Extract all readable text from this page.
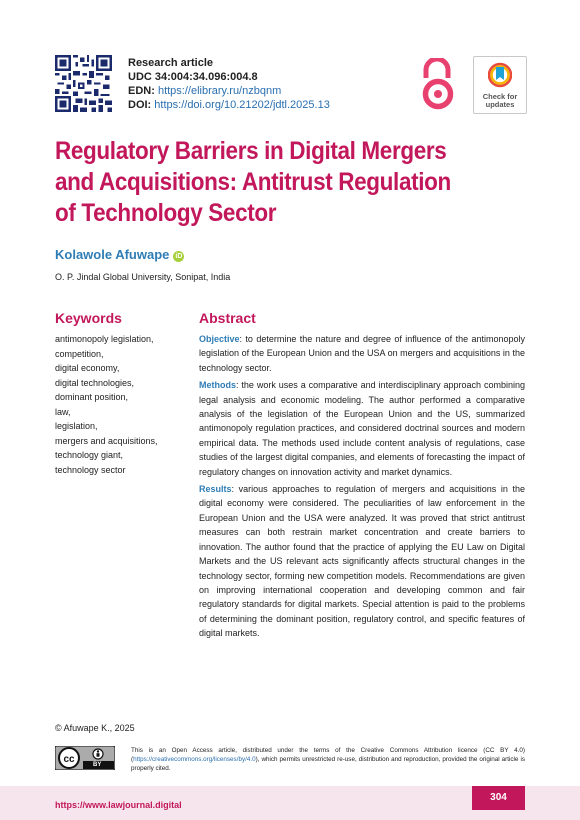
Research article
UDC 34:004:34.096:004.8
EDN: https://elibrary.ru/nzbqnm
DOI: https://doi.org/10.21202/jdtl.2025.13
Check for
updates
Regulatory Barriers in Digital Mergers
and Acquisitions: Antitrust Regulation
of Technology Sector
Kolawole Afuwape iD
O. P. Jindal Global University, Sonipat, India
Keywords
antimonopoly legislation,
competition,
digital economy,
digital technologies,
dominant position,
law,
legislation,
mergers and acquisitions,
technology giant,
technology sector
Abstract

Objective: to determine the nature and degree of influence of the antimonopoly legislation of the European Union and the USA on mergers and acquisitions in the technology sector.

Methods: the work uses a comparative and interdisciplinary approach combining legal analysis and economic modeling. The author performed a comparative analysis of the legislation of the European Union and the US, summarized antimonopoly regulation practices, and considered doctrinal sources and modern empirical data. The methods used include content analysis of regulations, case studies of the largest digital companies, and elements of forecasting the impact of regulatory changes on innovation activity and market dynamics.

Results: various approaches to regulation of mergers and acquisitions in the digital economy were considered. The peculiarities of law enforcement in the European Union and the USA were analyzed. It was proved that strict antitrust measures can both restrain market concentration and create barriers to innovation. The author found that the practice of applying the EU Law on Digital Markets and the US relevant acts significantly affects structural changes in the technology sector, forming new competition models. Recommendations are given on improving international cooperation and developing common and fair regulatory standards for digital markets. Special attention is paid to the problems of determining the dominant position, regulatory control, and specific features of digital markets.

© Afuwape K., 2025
cc	BY
This is an Open Access article, distributed under the terms of the Creative Commons Attribution licence (CC BY 4.0) (https://creativecommons.org/licenses/by/4.0), which permits unrestricted re-use, distribution and reproduction, provided the original article is properly cited.
https://www.lawjournal.digital
304
